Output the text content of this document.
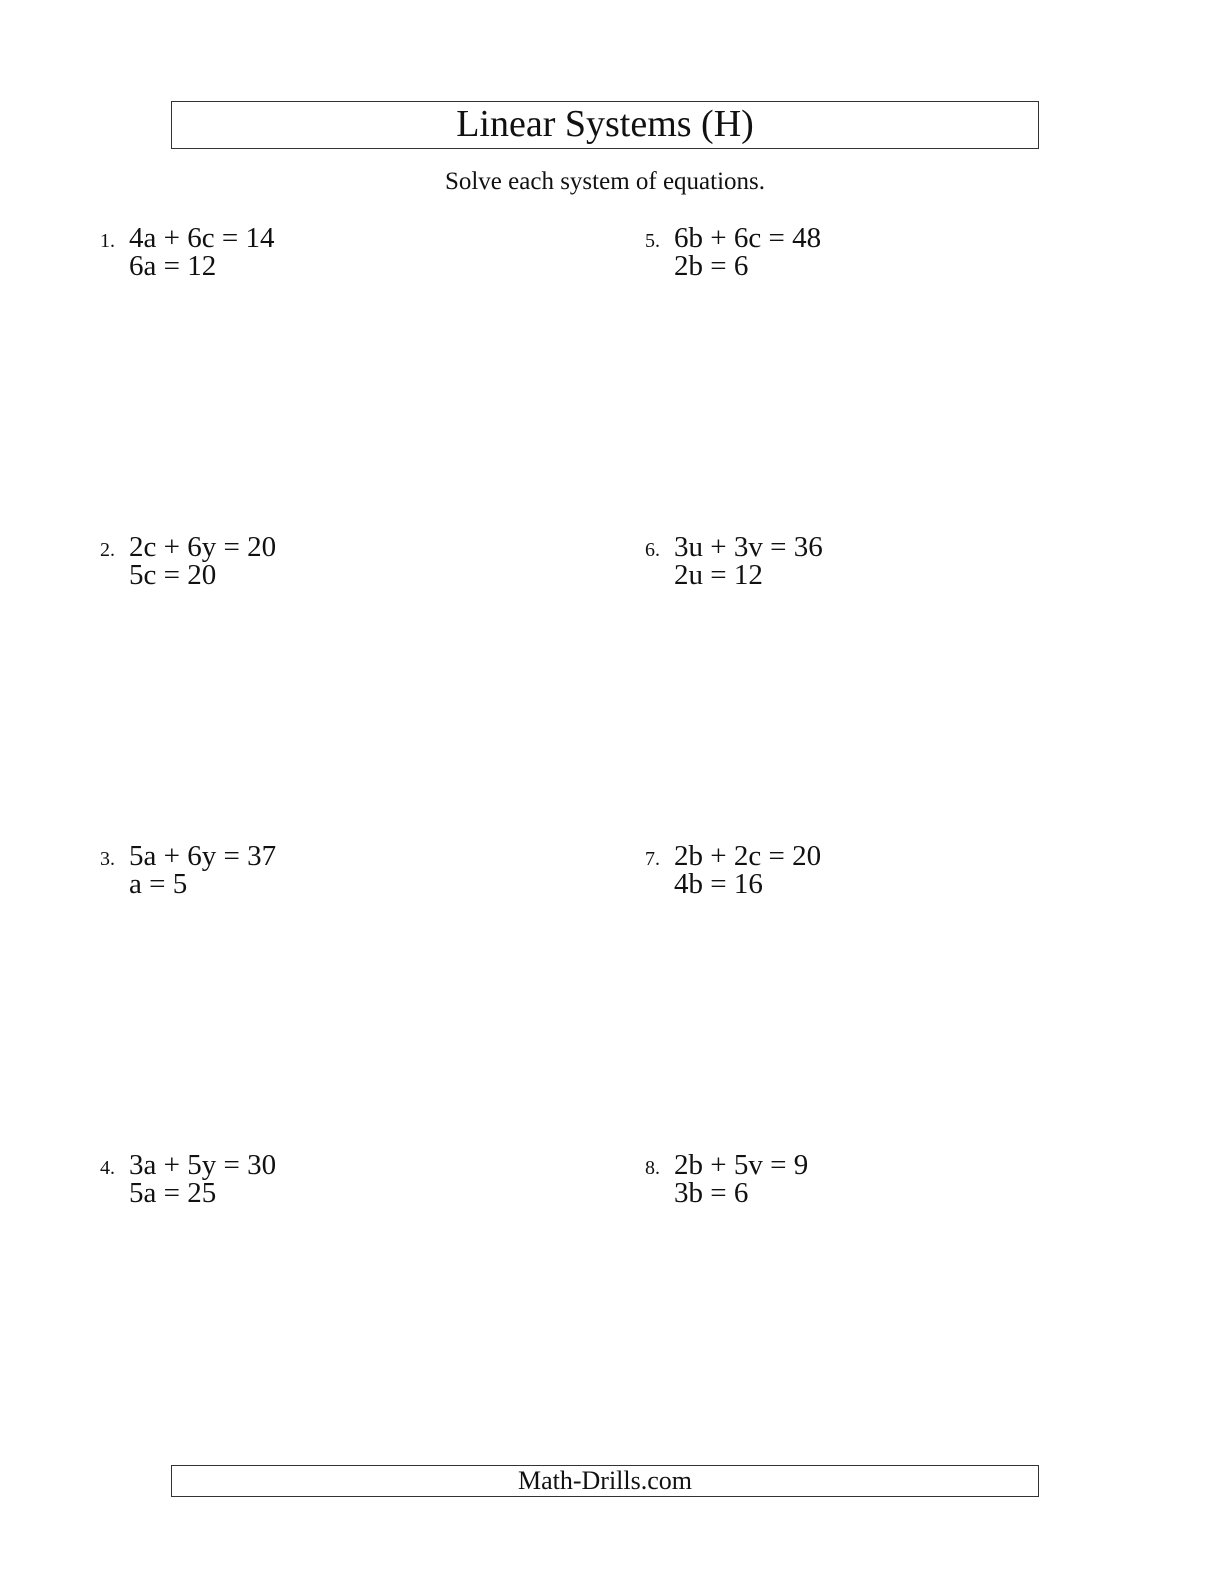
Linear Systems (H)
Solve each system of equations.
1. 4a + 6c = 14
6a = 12
2. 2c + 6y = 20
5c = 20
3. 5a + 6y = 37
a = 5
4. 3a + 5y = 30
5a = 25
5. 6b + 6c = 48
2b = 6
6. 3u + 3v = 36
2u = 12
7. 2b + 2c = 20
4b = 16
8. 2b + 5v = 9
3b = 6
Math-Drills.com
